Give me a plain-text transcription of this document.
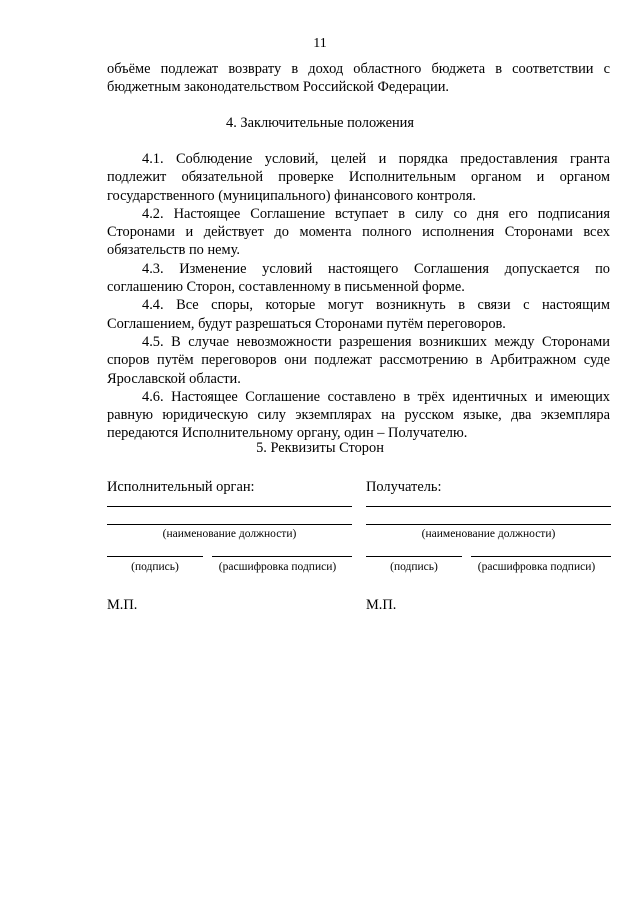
11

объёме подлежат возврату в доход областного бюджета в соответствии с бюджетным законодательством Российской Федерации.

4. Заключительные положения

4.1. Соблюдение условий, целей и порядка предоставления гранта подлежит обязательной проверке Исполнительным органом и органом государственного (муниципального) финансового контроля.

4.2. Настоящее Соглашение вступает в силу со дня его подписания Сторонами и действует до момента полного исполнения Сторонами всех обязательств по нему.

4.3. Изменение условий настоящего Соглашения допускается по соглашению Сторон, составленному в письменной форме.

4.4. Все споры, которые могут возникнуть в связи с настоящим Соглашением, будут разрешаться Сторонами путём переговоров.

4.5. В случае невозможности разрешения возникших между Сторонами споров путём переговоров они подлежат рассмотрению в Арбитражном суде Ярославской области.

4.6. Настоящее Соглашение составлено в трёх идентичных и имеющих равную юридическую силу экземплярах на русском языке, два экземпляра передаются Исполнительному органу, один – Получателю.

5. Реквизиты Сторон
Исполнительный орган:
(наименование должности)
(подпись)	(расшифровка подписи)
М.П.
Получатель:
(наименование должности)
(подпись)	(расшифровка подписи)
М.П.
